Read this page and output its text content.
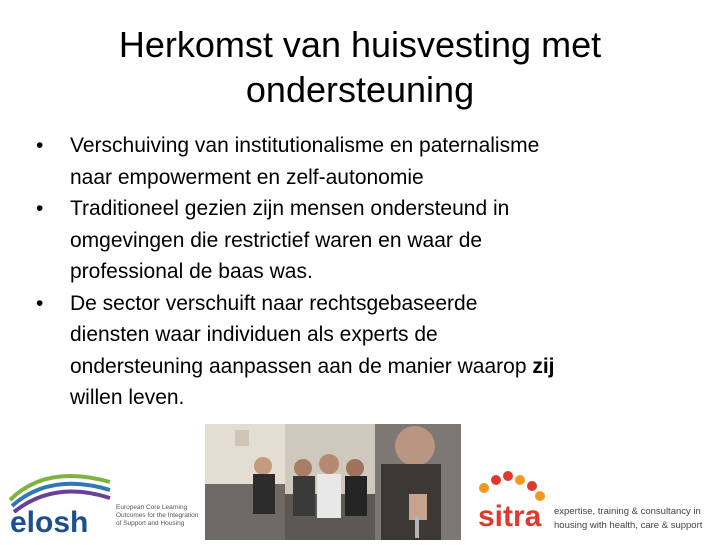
Herkomst van huisvesting met
ondersteuning
• Verschuiving van institutionalisme en paternalisme
naar empowerment en zelf-autonomie
• Traditioneel gezien zijn mensen ondersteund in
omgevingen die restrictief waren en waar de
professional de baas was.
• De sector verschuift naar rechtsgebaseerde
diensten waar individuen als experts de
ondersteuning aanpassen aan de manier waarop zij
willen leven.
elosh	European Core Learning
Outcomes for the Integration
of Support and Housing	sitra expertise, training & consultancy in
housing with health, care & support
